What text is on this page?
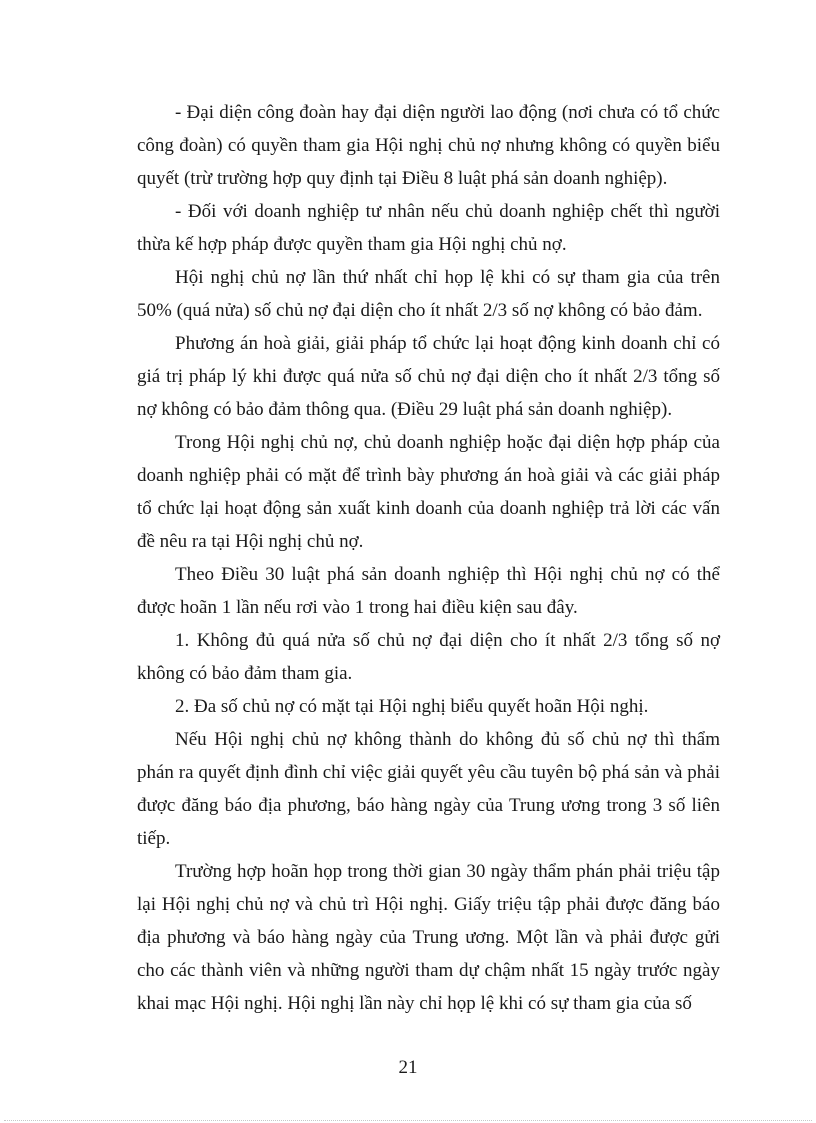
- Đại diện công đoàn hay đại diện người lao động (nơi chưa có tổ chức công đoàn) có quyền tham gia Hội nghị chủ nợ nhưng không có quyền biểu quyết (trừ trường hợp quy định tại Điều 8 luật phá sản doanh nghiệp).

- Đối với doanh nghiệp tư nhân nếu chủ doanh nghiệp chết thì người thừa kế hợp pháp được quyền tham gia Hội nghị chủ nợ.

Hội nghị chủ nợ lần thứ nhất chỉ họp lệ khi có sự tham gia của trên 50% (quá nửa) số chủ nợ đại diện cho ít nhất 2/3 số nợ không có bảo đảm.

Phương án hoà giải, giải pháp tổ chức lại hoạt động kinh doanh chỉ có giá trị pháp lý khi được quá nửa số chủ nợ đại diện cho ít nhất 2/3 tổng số nợ không có bảo đảm thông qua. (Điều 29 luật phá sản doanh nghiệp).

Trong Hội nghị chủ nợ, chủ doanh nghiệp hoặc đại diện hợp pháp của doanh nghiệp phải có mặt để trình bày phương án hoà giải và các giải pháp tổ chức lại hoạt động sản xuất kinh doanh của doanh nghiệp trả lời các vấn đề nêu ra tại Hội nghị chủ nợ.

Theo Điều 30 luật phá sản doanh nghiệp thì Hội nghị chủ nợ có thể được hoãn 1 lần nếu rơi vào 1 trong hai điều kiện sau đây.

1. Không đủ quá nửa số chủ nợ đại diện cho ít nhất 2/3 tổng số nợ không có bảo đảm tham gia.

2. Đa số chủ nợ có mặt tại Hội nghị biểu quyết hoãn Hội nghị.

Nếu Hội nghị chủ nợ không thành do không đủ số chủ nợ thì thẩm phán ra quyết định đình chỉ việc giải quyết yêu cầu tuyên bộ phá sản và phải được đăng báo địa phương, báo hàng ngày của Trung ương trong 3 số liên tiếp.

Trường hợp hoãn họp trong thời gian 30 ngày thẩm phán phải triệu tập lại Hội nghị chủ nợ và chủ trì Hội nghị. Giấy triệu tập phải được đăng báo địa phương và báo hàng ngày của Trung ương. Một lần và phải được gửi cho các thành viên và những người tham dự chậm nhất 15 ngày trước ngày khai mạc Hội nghị. Hội nghị lần này chỉ họp lệ khi có sự tham gia của số

21
